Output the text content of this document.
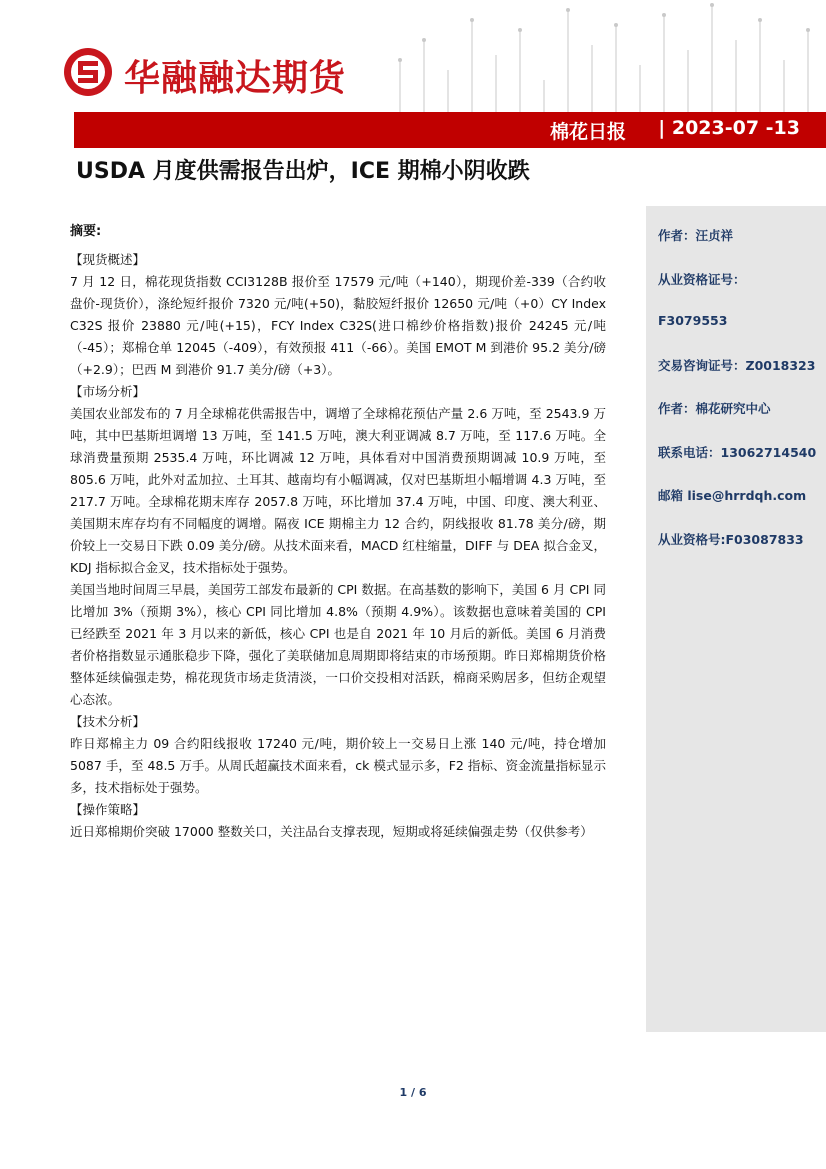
华融融达期货
棉花日报 | 2023-07 -13
USDA 月度供需报告出炉，ICE 期棉小阴收跌
作者：汪贞祥
从业资格证号：
F3079553
交易咨询证号：Z0018323
作者：棉花研究中心
联系电话：13062714540
邮箱 lise@hrrdqh.com
从业资格号:F03087833
摘要:
【现货概述】

7 月 12 日，棉花现货指数 CCI3128B 报价至 17579 元/吨（+140），期现价差-339（合约收盘价-现货价），涤纶短纤报价 7320 元/吨(+50)，黏胶短纤报价 12650 元/吨（+0）CY Index C32S 报价 23880 元/吨(+15)，FCY Index C32S(进口棉纱价格指数)报价 24245 元/吨（-45）；郑棉仓单 12045（-409），有效预报 411（-66）。美国 EMOT M 到港价 95.2 美分/磅（+2.9）；巴西 M 到港价 91.7 美分/磅（+3）。

【市场分析】

美国农业部发布的 7 月全球棉花供需报告中，调增了全球棉花预估产量 2.6 万吨，至 2543.9 万吨，其中巴基斯坦调增 13 万吨，至 141.5 万吨，澳大利亚调减 8.7 万吨，至 117.6 万吨。全球消费量预期 2535.4 万吨，环比调减 12 万吨，具体看对中国消费预期调减 10.9 万吨，至 805.6 万吨，此外对孟加拉、土耳其、越南均有小幅调减，仅对巴基斯坦小幅增调 4.3 万吨，至 217.7 万吨。全球棉花期末库存 2057.8 万吨，环比增加 37.4 万吨，中国、印度、澳大利亚、美国期末库存均有不同幅度的调增。隔夜 ICE 期棉主力 12 合约，阴线报收 81.78 美分/磅，期价较上一交易日下跌 0.09 美分/磅。从技术面来看，MACD 红柱缩量，DIFF 与 DEA 拟合金叉，KDJ 指标拟合金叉，技术指标处于强势。

美国当地时间周三早晨，美国劳工部发布最新的 CPI 数据。在高基数的影响下，美国 6 月 CPI 同比增加 3%（预期 3%），核心 CPI 同比增加 4.8%（预期 4.9%）。该数据也意味着美国的 CPI 已经跌至 2021 年 3 月以来的新低，核心 CPI 也是自 2021 年 10 月后的新低。美国 6 月消费者价格指数显示通胀稳步下降，强化了美联储加息周期即将结束的市场预期。昨日郑棉期货价格整体延续偏强走势，棉花现货市场走货清淡，一口价交投相对活跃，棉商采购居多，但纺企观望心态浓。

【技术分析】

昨日郑棉主力 09 合约阳线报收 17240 元/吨，期价较上一交易日上涨 140 元/吨，持仓增加 5087 手，至 48.5 万手。从周氏超赢技术面来看，ck 模式显示多，F2 指标、资金流量指标显示多，技术指标处于强势。

【操作策略】

近日郑棉期价突破 17000 整数关口，关注品台支撑表现，短期或将延续偏强走势（仅供参考）

1 / 6
